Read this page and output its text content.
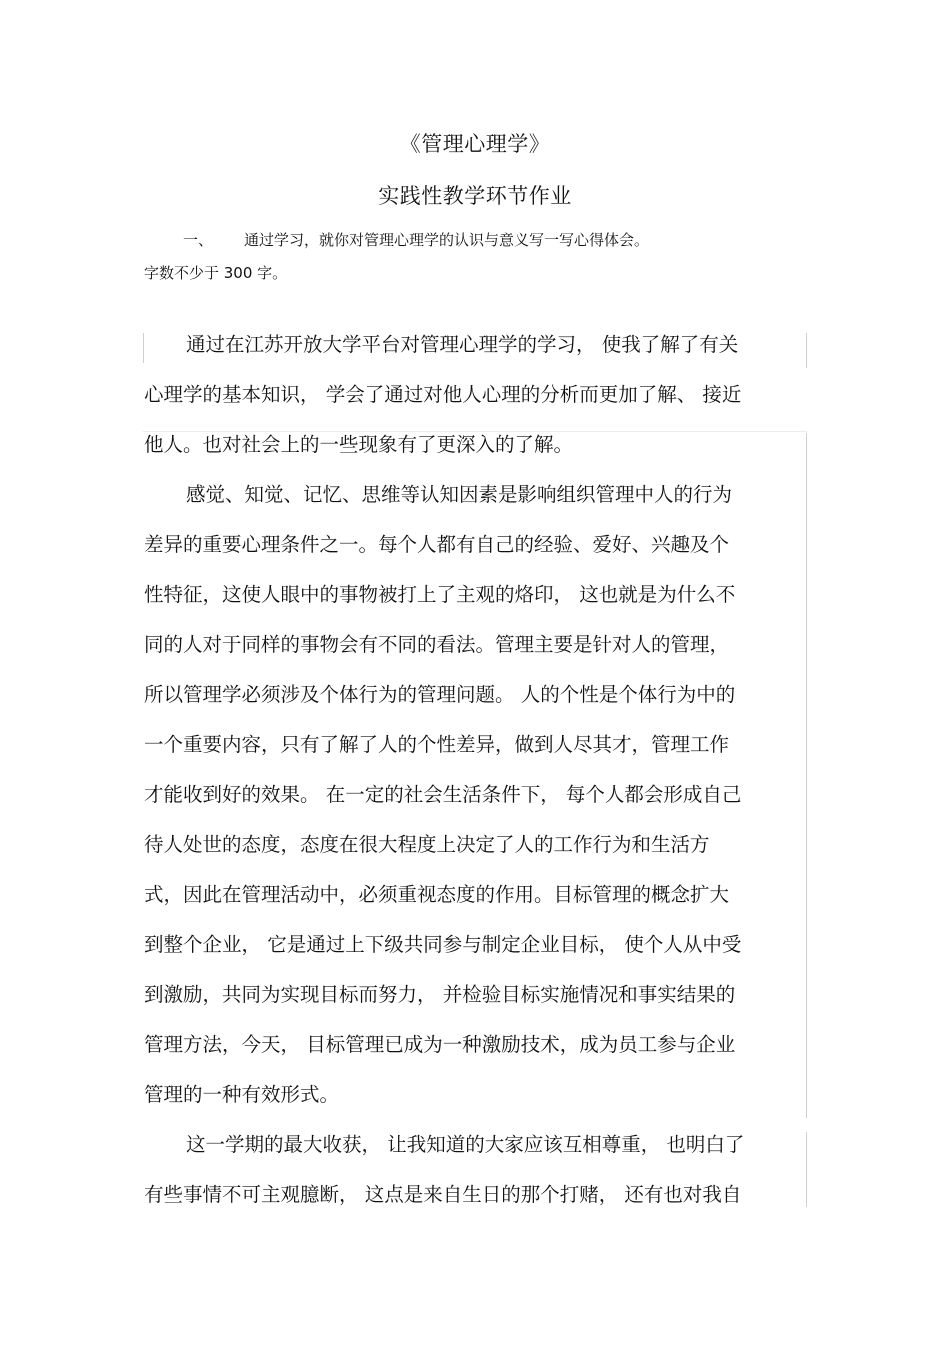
《管理心理学》
实践性教学环节作业
一、 通过学习，就你对管理心理学的认识与意义写一写心得体会。
字数不少于 300 字。
通过在江苏开放大学平台对管理心理学的学习， 使我了解了有关
心理学的基本知识， 学会了通过对他人心理的分析而更加了解、 接近
他人。也对社会上的一些现象有了更深入的了解。
感觉、知觉、记忆、思维等认知因素是影响组织管理中人的行为
差异的重要心理条件之一。每个人都有自己的经验、爱好、兴趣及个
性特征，这使人眼中的事物被打上了主观的烙印， 这也就是为什么不
同的人对于同样的事物会有不同的看法。管理主要是针对人的管理，
所以管理学必须涉及个体行为的管理问题。 人的个性是个体行为中的
一个重要内容，只有了解了人的个性差异，做到人尽其才，管理工作
才能收到好的效果。 在一定的社会生活条件下， 每个人都会形成自己
待人处世的态度，态度在很大程度上决定了人的工作行为和生活方
式，因此在管理活动中，必须重视态度的作用。目标管理的概念扩大
到整个企业， 它是通过上下级共同参与制定企业目标， 使个人从中受
到激励，共同为实现目标而努力， 并检验目标实施情况和事实结果的
管理方法，今天， 目标管理已成为一种激励技术，成为员工参与企业
管理的一种有效形式。
这一学期的最大收获， 让我知道的大家应该互相尊重， 也明白了
有些事情不可主观臆断， 这点是来自生日的那个打赌， 还有也对我自
